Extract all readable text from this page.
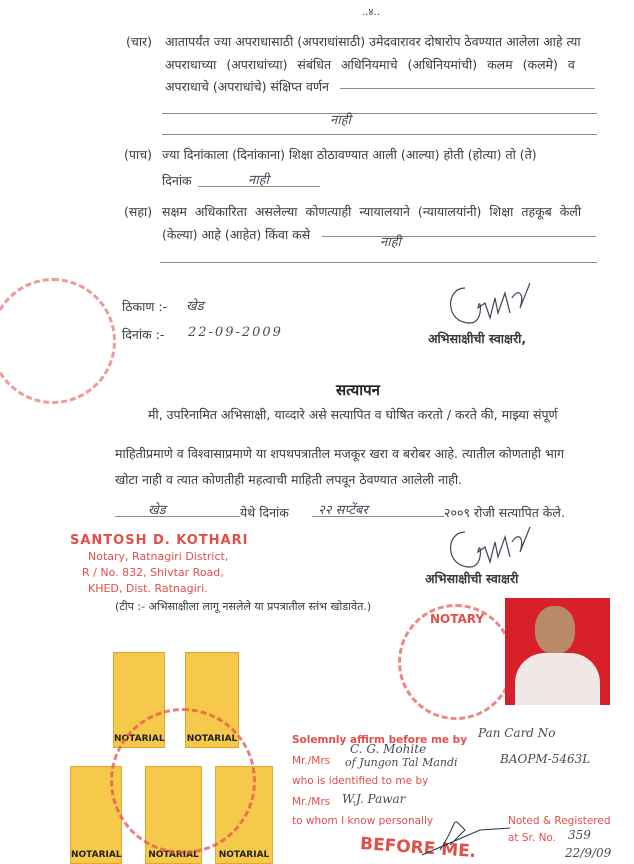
..४..
(चार) आतापर्यंत ज्या अपराधासाठी (अपराधांसाठी) उमेदवारावर दोषारोप ठेवण्यात आलेला आहे त्या
अपराधाच्या (अपराधांच्या) संबंधित अधिनियमाचे (अधिनियमांची) कलम (कलमे) व
अपराधाचे (अपराधांचे) संक्षिप्त वर्णन
नाही
(पाच) ज्या दिनांकाला (दिनांकाना) शिक्षा ठोठावण्यात आली (आल्या) होती (होत्या) तो (ते)
दिनांक	नाही
(सहा) सक्षम अधिकारिता असलेल्या कोणत्याही न्यायालयाने (न्यायालयांनी) शिक्षा तहकूब केली
(केल्या) आहे (आहेत) किंवा कसे
नाही
ठिकाण :- खेड
दिनांक :- 22-09-2009	अभिसाक्षीची स्वाक्षरी,
सत्यापन
मी, उपरिनामित अभिसाक्षी, याव्दारे असे सत्यापित व घोषित करतो / करते की, माझ्या संपूर्ण
माहितीप्रमाणे व विश्वासाप्रमाणे या शपथपत्रातील मजकूर खरा व बरोबर आहे. त्यातील कोणताही भाग
खोटा नाही व त्यात कोणतीही महत्वाची माहिती लपवून ठेवण्यात आलेली नाही.
खेड	येथे दिनांक २२ सप्टेंबर	२००९ रोजी सत्यापित केले.
SANTOSH D. KOTHARI
Notary, Ratnagiri District,
R / No. 832, Shivtar Road,
KHED, Dist. Ratnagiri.
अभिसाक्षीची स्वाक्षरी
(टीप :- अभिसाक्षीला लागू नसलेले या प्रपत्रातील स्तंभ खोडावेत.)
NOTARY
NOTARIAL NOTARIAL
NOTARIAL	NOTARIAL	NOTARIAL
Solemnly affirm before me by
Mr./Mrs
who is identified to me by
Mr./Mrs
to whom I know personally
BEFORE ME.
Noted & Registered
at Sr. No. 359
22/9/09
Pan Card No
C. G. Mohite
of Jungon Tal Mandi	BAOPM-5463L
W.J. Pawar
